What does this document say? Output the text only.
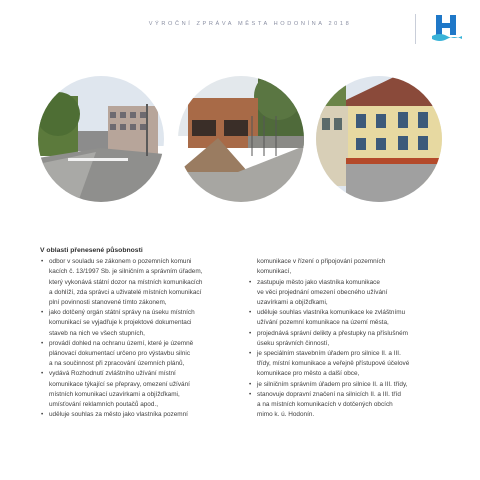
VÝROČNÍ ZPRÁVA MĚSTA HODONÍNA 2018
V oblasti přenesené působnosti
• odbor v souladu se zákonem o pozemních komuni
kacích č. 13/1997 Sb. je silničním a správním úřadem,
který vykonává státní dozor na místních komunikacích
a dohlíží, zda správci a uživatelé místních komunikací
plní povinnosti stanovené tímto zákonem,
• jako dotčený orgán státní správy na úseku místních
komunikací se vyjadřuje k projektové dokumentaci
staveb na nich ve všech stupních,
• provádí dohled na ochranu území, které je územně
plánovací dokumentací určeno pro výstavbu silnic
a na součinnost při zpracování územních plánů,
• vydává Rozhodnutí zvláštního užívání místní
komunikace týkající se přepravy, omezení užívání
místních komunikací uzavírkami a objížďkami,
umísťování reklamních poutačů apod.,
• uděluje souhlas za město jako vlastníka pozemní
komunikace v řízení o připojování pozemních
komunikací,
• zastupuje město jako vlastníka komunikace
ve věci projednání omezení obecného užívání
uzavírkami a objížďkami,
• uděluje souhlas vlastníka komunikace ke zvláštnímu
užívání pozemní komunikace na území města,
• projednává správní delikty a přestupky na příslušném
úseku správních činností,
• je speciálním stavebním úřadem pro silnice II. a III.
třídy, místní komunikace a veřejně přístupové účelové
komunikace pro město a další obce,
• je silničním správním úřadem pro silnice II. a III. třídy,
• stanovuje dopravní značení na silnicích II. a III. tříd
a na místních komunikacích v dotčených obcích
mimo k. ú. Hodonín.
